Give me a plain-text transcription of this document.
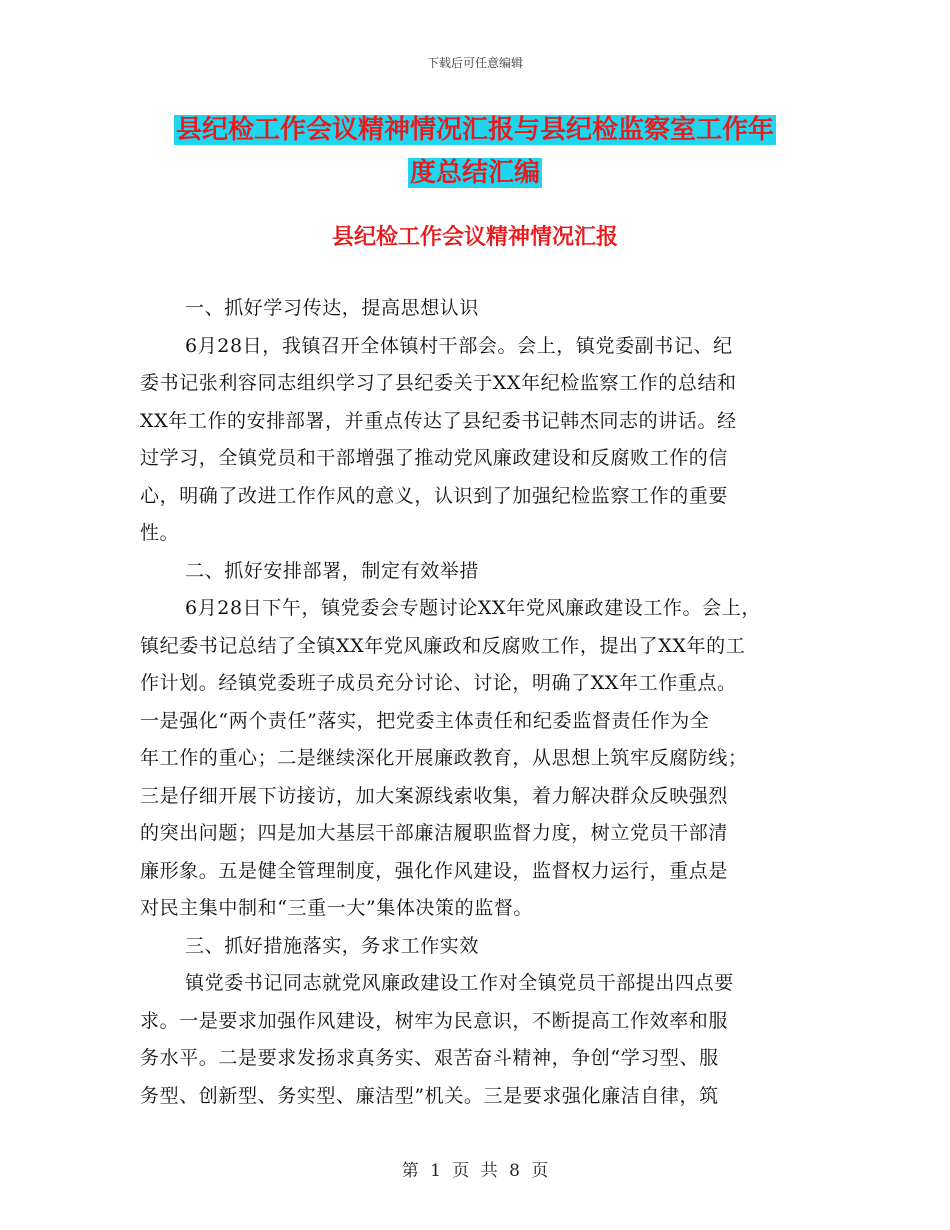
下载后可任意编辑
县纪检工作会议精神情况汇报与县纪检监察室工作年
度总结汇编
县纪检工作会议精神情况汇报
一、抓好学习传达，提高思想认识
6月28日，我镇召开全体镇村干部会。会上，镇党委副书记、纪
委书记张利容同志组织学习了县纪委关于XX年纪检监察工作的总结和
XX年工作的安排部署，并重点传达了县纪委书记韩杰同志的讲话。经
过学习，全镇党员和干部增强了推动党风廉政建设和反腐败工作的信
心，明确了改进工作作风的意义，认识到了加强纪检监察工作的重要
性。
二、抓好安排部署，制定有效举措
6月28日下午，镇党委会专题讨论XX年党风廉政建设工作。会上，
镇纪委书记总结了全镇XX年党风廉政和反腐败工作，提出了XX年的工
作计划。经镇党委班子成员充分讨论、讨论，明确了XX年工作重点。
一是强化“两个责任”落实，把党委主体责任和纪委监督责任作为全
年工作的重心；二是继续深化开展廉政教育，从思想上筑牢反腐防线；
三是仔细开展下访接访，加大案源线索收集，着力解决群众反映强烈
的突出问题；四是加大基层干部廉洁履职监督力度，树立党员干部清
廉形象。五是健全管理制度，强化作风建设，监督权力运行，重点是
对民主集中制和“三重一大”集体决策的监督。
三、抓好措施落实，务求工作实效
镇党委书记同志就党风廉政建设工作对全镇党员干部提出四点要
求。一是要求加强作风建设，树牢为民意识，不断提高工作效率和服
务水平。二是要求发扬求真务实、艰苦奋斗精神，争创“学习型、服
务型、创新型、务实型、廉洁型”机关。三是要求强化廉洁自律，筑
第 1 页 共 8 页
